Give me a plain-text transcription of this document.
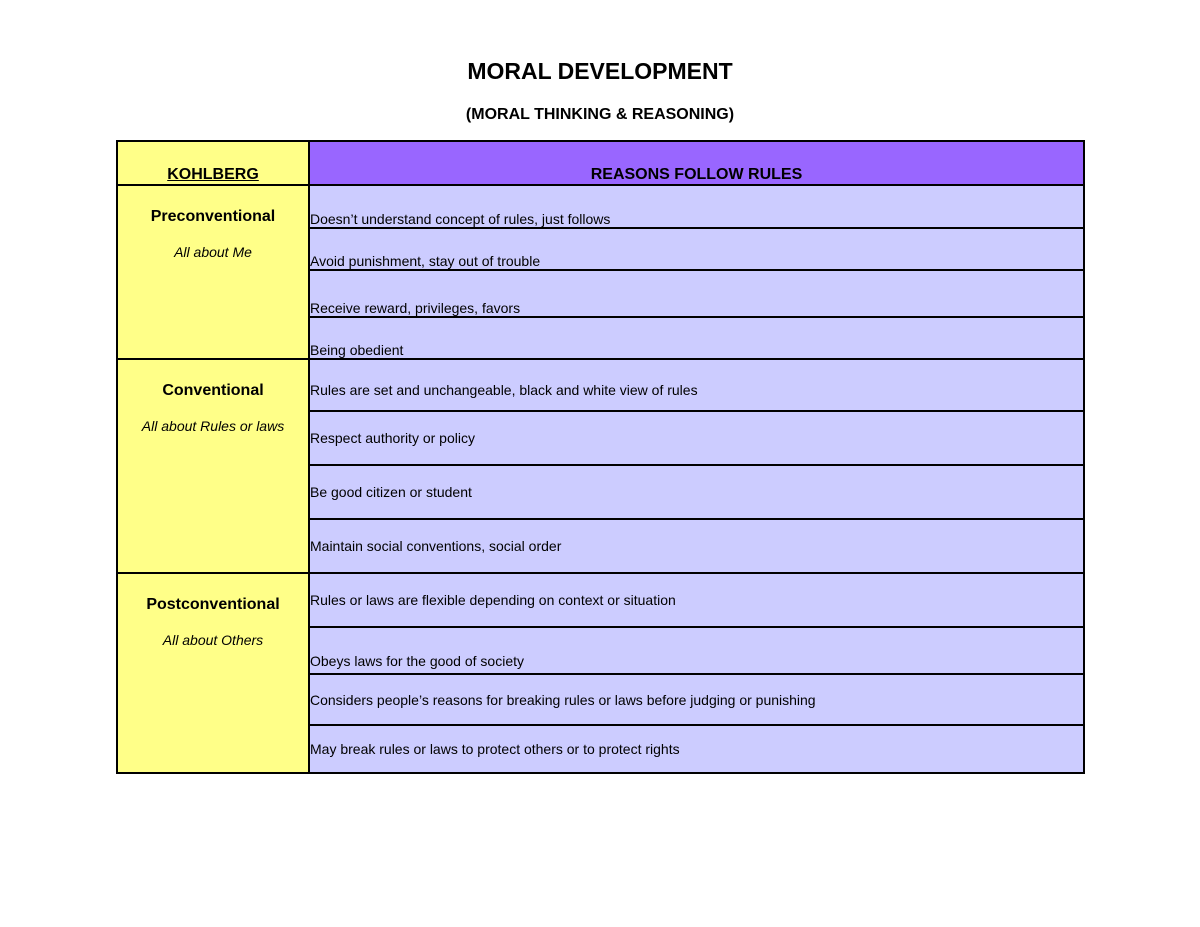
MORAL DEVELOPMENT
(MORAL THINKING & REASONING)
KOHLBERG	REASONS FOLLOW RULES

Preconventional
All about Me	Doesn’t understand concept of rules, just follows
	Avoid punishment, stay out of trouble
	Receive reward, privileges, favors
	Being obedient

Conventional
All about Rules or laws	Rules are set and unchangeable, black and white view of rules
	Respect authority or policy
	Be good citizen or student
	Maintain social conventions, social order

Postconventional
All about Others	Rules or laws are flexible depending on context or situation
	Obeys laws for the good of society
	Considers people’s reasons for breaking rules or laws before judging or punishing
	May break rules or laws to protect others or to protect rights
